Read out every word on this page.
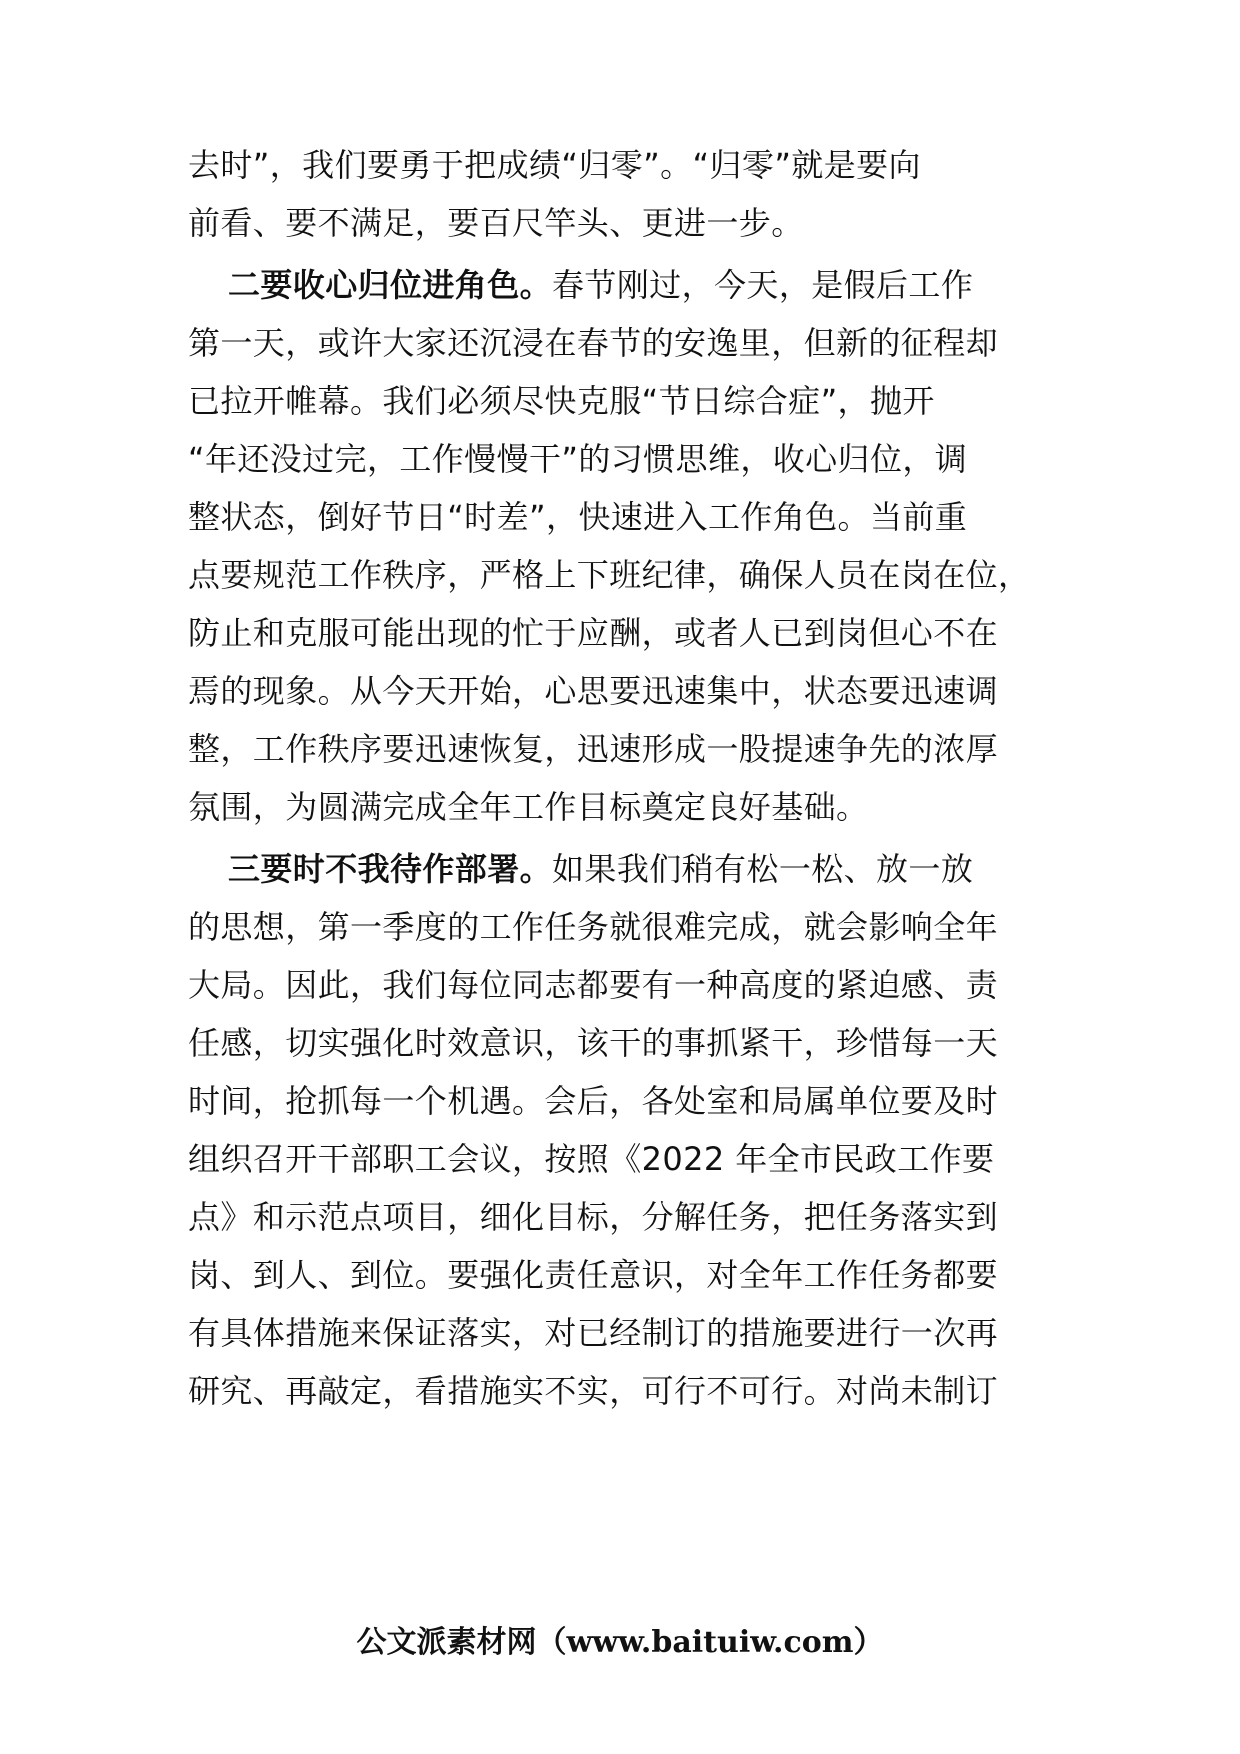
去时”，我们要勇于把成绩“归零”。“归零”就是要向
前看、要不满足，要百尺竿头、更进一步。
二要收心归位进角色。春节刚过，今天，是假后工作
第一天，或许大家还沉浸在春节的安逸里，但新的征程却
已拉开帷幕。我们必须尽快克服“节日综合症”，抛开
“年还没过完，工作慢慢干”的习惯思维，收心归位，调
整状态，倒好节日“时差”，快速进入工作角色。当前重
点要规范工作秩序，严格上下班纪律，确保人员在岗在位，
防止和克服可能出现的忙于应酬，或者人已到岗但心不在
焉的现象。从今天开始，心思要迅速集中，状态要迅速调
整，工作秩序要迅速恢复，迅速形成一股提速争先的浓厚
氛围，为圆满完成全年工作目标奠定良好基础。
三要时不我待作部署。如果我们稍有松一松、放一放
的思想，第一季度的工作任务就很难完成，就会影响全年
大局。因此，我们每位同志都要有一种高度的紧迫感、责
任感，切实强化时效意识，该干的事抓紧干，珍惜每一天
时间，抢抓每一个机遇。会后，各处室和局属单位要及时
组织召开干部职工会议，按照《2022 年全市民政工作要
点》和示范点项目，细化目标，分解任务，把任务落实到
岗、到人、到位。要强化责任意识，对全年工作任务都要
有具体措施来保证落实，对已经制订的措施要进行一次再
研究、再敲定，看措施实不实，可行不可行。对尚未制订
公文派素材网（www.baituiw.com）
